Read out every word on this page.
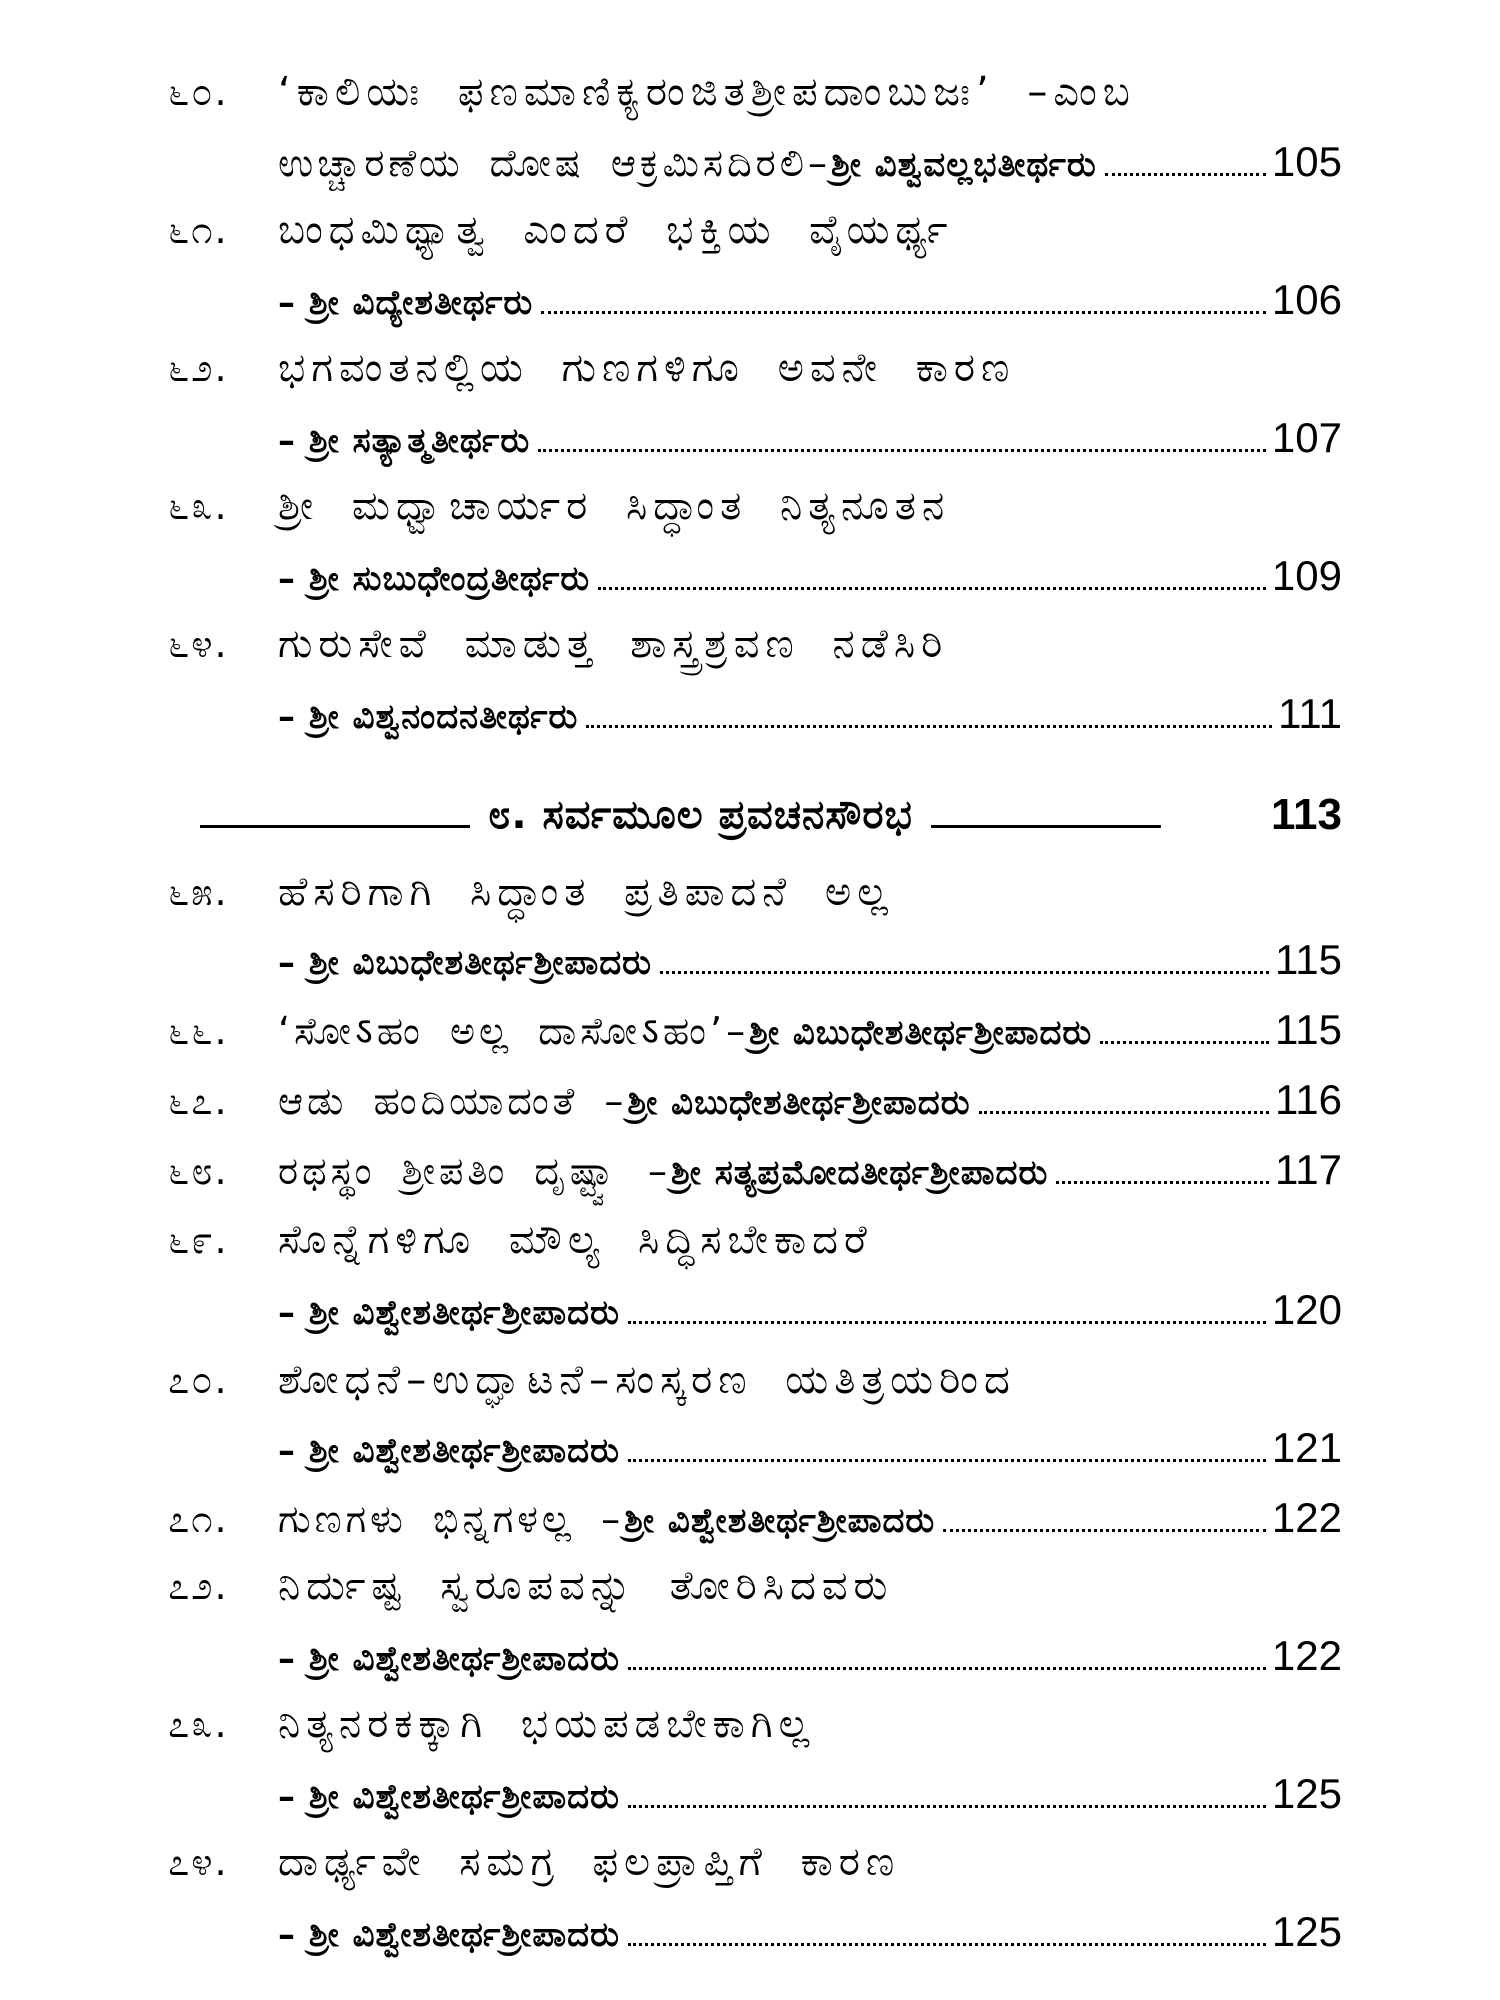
೬೦.	‘ಕಾಲಿಯಃ ಫಣಮಾಣಿಕ್ಯರಂಜಿತಶ್ರೀಪದಾಂಬುಜಃ’ –ಎಂಬ
ಉಚ್ಚಾರಣೆಯ ದೋಷ ಆಕ್ರಮಿಸದಿರಲಿ– ಶ್ರೀ ವಿಶ್ವವಲ್ಲಭತೀರ್ಥರು	105
೬೧.	ಬಂಧಮಿಥ್ಯಾತ್ವ ಎಂದರೆ ಭಕ್ತಿಯ ವೈಯರ್ಥ್ಯ
– ಶ್ರೀ ವಿದ್ಯೇಶತೀರ್ಥರು	106
೬೨.	ಭಗವಂತನಲ್ಲಿಯ ಗುಣಗಳಿಗೂ ಅವನೇ ಕಾರಣ
– ಶ್ರೀ ಸತ್ಯಾತ್ಮತೀರ್ಥರು	107
೬೩.	ಶ್ರೀ ಮಧ್ವಾಚಾರ್ಯರ ಸಿದ್ಧಾಂತ ನಿತ್ಯನೂತನ
– ಶ್ರೀ ಸುಬುಧೇಂದ್ರತೀರ್ಥರು	109
೬೪.	ಗುರುಸೇವೆ ಮಾಡುತ್ತ ಶಾಸ್ತ್ರಶ್ರವಣ ನಡೆಸಿರಿ
– ಶ್ರೀ ವಿಶ್ವನಂದನತೀರ್ಥರು	111
೮. ಸರ್ವಮೂಲ ಪ್ರವಚನಸೌರಭ	113
೬೫.	ಹೆಸರಿಗಾಗಿ ಸಿದ್ಧಾಂತ ಪ್ರತಿಪಾದನೆ ಅಲ್ಲ
– ಶ್ರೀ ವಿಬುಧೇಶತೀರ್ಥಶ್ರೀಪಾದರು	115
೬೬.	‘ಸೋऽಹಂ ಅಲ್ಲ ದಾಸೋऽಹಂ’– ಶ್ರೀ ವಿಬುಧೇಶತೀರ್ಥಶ್ರೀಪಾದರು	115
೬೭.	ಆಡು ಹಂದಿಯಾದಂತೆ – ಶ್ರೀ ವಿಬುಧೇಶತೀರ್ಥಶ್ರೀಪಾದರು	116
೬೮.	ರಥಸ್ಥಂ ಶ್ರೀಪತಿಂ ದೃಷ್ಟ್ವಾ – ಶ್ರೀ ಸತ್ಯಪ್ರಮೋದತೀರ್ಥಶ್ರೀಪಾದರು	117
೬೯.	ಸೊನ್ನೆಗಳಿಗೂ ಮೌಲ್ಯ ಸಿದ್ಧಿಸಬೇಕಾದರೆ
– ಶ್ರೀ ವಿಶ್ವೇಶತೀರ್ಥಶ್ರೀಪಾದರು	120
೭೦.	ಶೋಧನೆ–ಉದ್ಘಾಟನೆ–ಸಂಸ್ಕರಣ ಯತಿತ್ರಯರಿಂದ
– ಶ್ರೀ ವಿಶ್ವೇಶತೀರ್ಥಶ್ರೀಪಾದರು	121
೭೧.	ಗುಣಗಳು ಭಿನ್ನಗಳಲ್ಲ – ಶ್ರೀ ವಿಶ್ವೇಶತೀರ್ಥಶ್ರೀಪಾದರು	122
೭೨.	ನಿರ್ದುಷ್ಟ ಸ್ವರೂಪವನ್ನು ತೋರಿಸಿದವರು
– ಶ್ರೀ ವಿಶ್ವೇಶತೀರ್ಥಶ್ರೀಪಾದರು	122
೭೩.	ನಿತ್ಯನರಕಕ್ಕಾಗಿ ಭಯಪಡಬೇಕಾಗಿಲ್ಲ
– ಶ್ರೀ ವಿಶ್ವೇಶತೀರ್ಥಶ್ರೀಪಾದರು	125
೭೪.	ದಾರ್ಢ್ಯವೇ ಸಮಗ್ರ ಫಲಪ್ರಾಪ್ತಿಗೆ ಕಾರಣ
– ಶ್ರೀ ವಿಶ್ವೇಶತೀರ್ಥಶ್ರೀಪಾದರು	125
